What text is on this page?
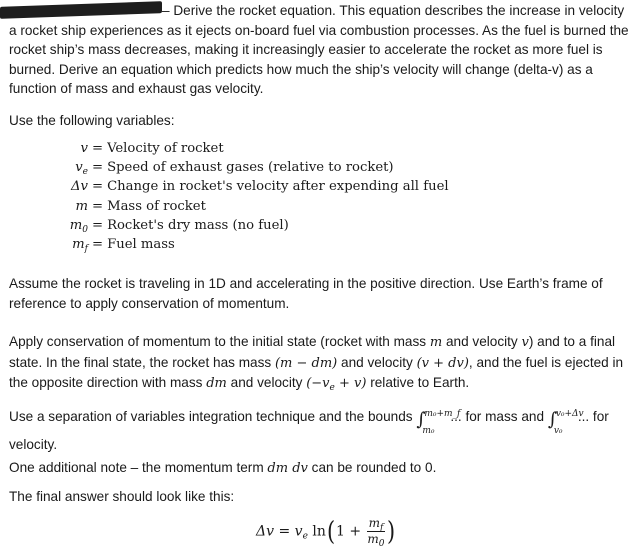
– Derive the rocket equation. This equation describes the increase in velocity a rocket ship experiences as it ejects on-board fuel via combustion processes. As the fuel is burned the rocket ship’s mass decreases, making it increasingly easier to accelerate the rocket as more fuel is burned. Derive an equation which predicts how much the ship’s velocity will change (delta-v) as a function of mass and exhaust gas velocity.

Use the following variables:

v = Velocity of rocket
$v_e$ = Speed of exhaust gases (relative to rocket)
Δv = Change in rocket's velocity after expending all fuel
m = Mass of rocket
$m_0$ = Rocket's dry mass (no fuel)
$m_f$ = Fuel mass

Assume the rocket is traveling in 1D and accelerating in the positive direction. Use Earth’s frame of reference to apply conservation of momentum.

Apply conservation of momentum to the initial state (rocket with mass m and velocity v) and to a final state. In the final state, the rocket has mass (m − dm) and velocity (v + dv), and the fuel is ejected in the opposite direction with mass dm and velocity $(-v_e + v)$ relative to Earth.

Use a separation of variables integration technique and the bounds ∫
m₀+m_f
m₀
... for mass and ∫
v₀+Δv
v₀
... for velocity.

One additional note – the momentum term dm dv can be rounded to 0.

The final answer should look like this:

$\Delta v = v_e$ $\ln(1 + \frac{m_f}{m_0}$ )
